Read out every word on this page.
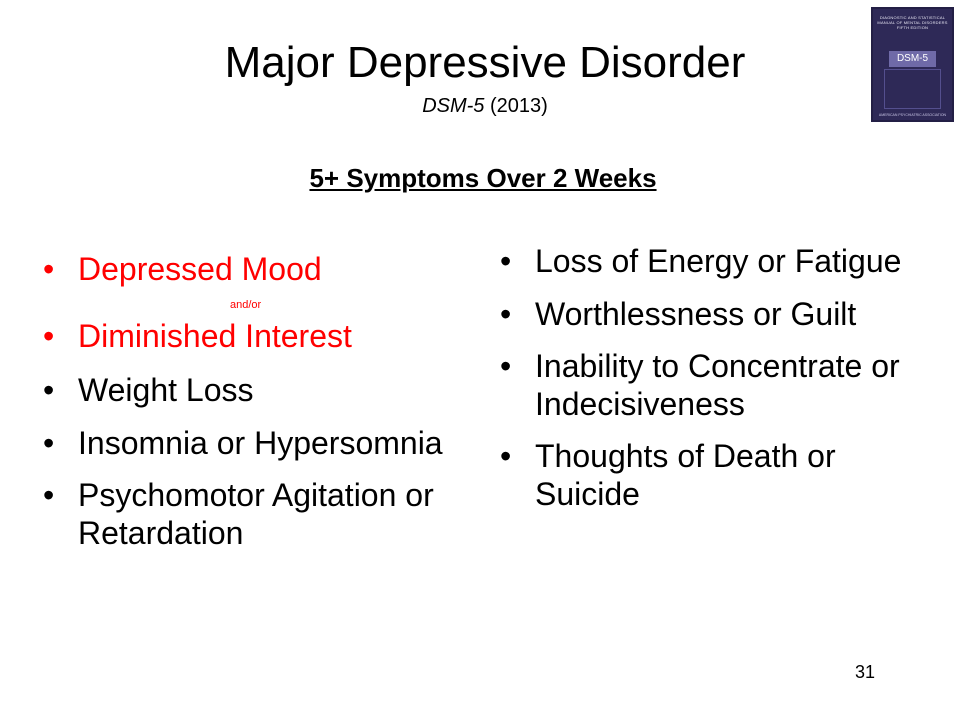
Major Depressive Disorder
DSM-5 (2013)
5+ Symptoms Over 2 Weeks
DIAGNOSTIC AND STATISTICAL MANUAL OF MENTAL DISORDERS
FIFTH EDITION
DSM-5
AMERICAN PSYCHIATRIC ASSOCIATION
• Depressed Mood
• Diminished Interest
• Weight Loss
• Insomnia or Hypersomnia
• Psychomotor Agitation or Retardation
and/or
• Loss of Energy or Fatigue
• Worthlessness or Guilt
• Inability to Concentrate or Indecisiveness
• Thoughts of Death or Suicide
31
